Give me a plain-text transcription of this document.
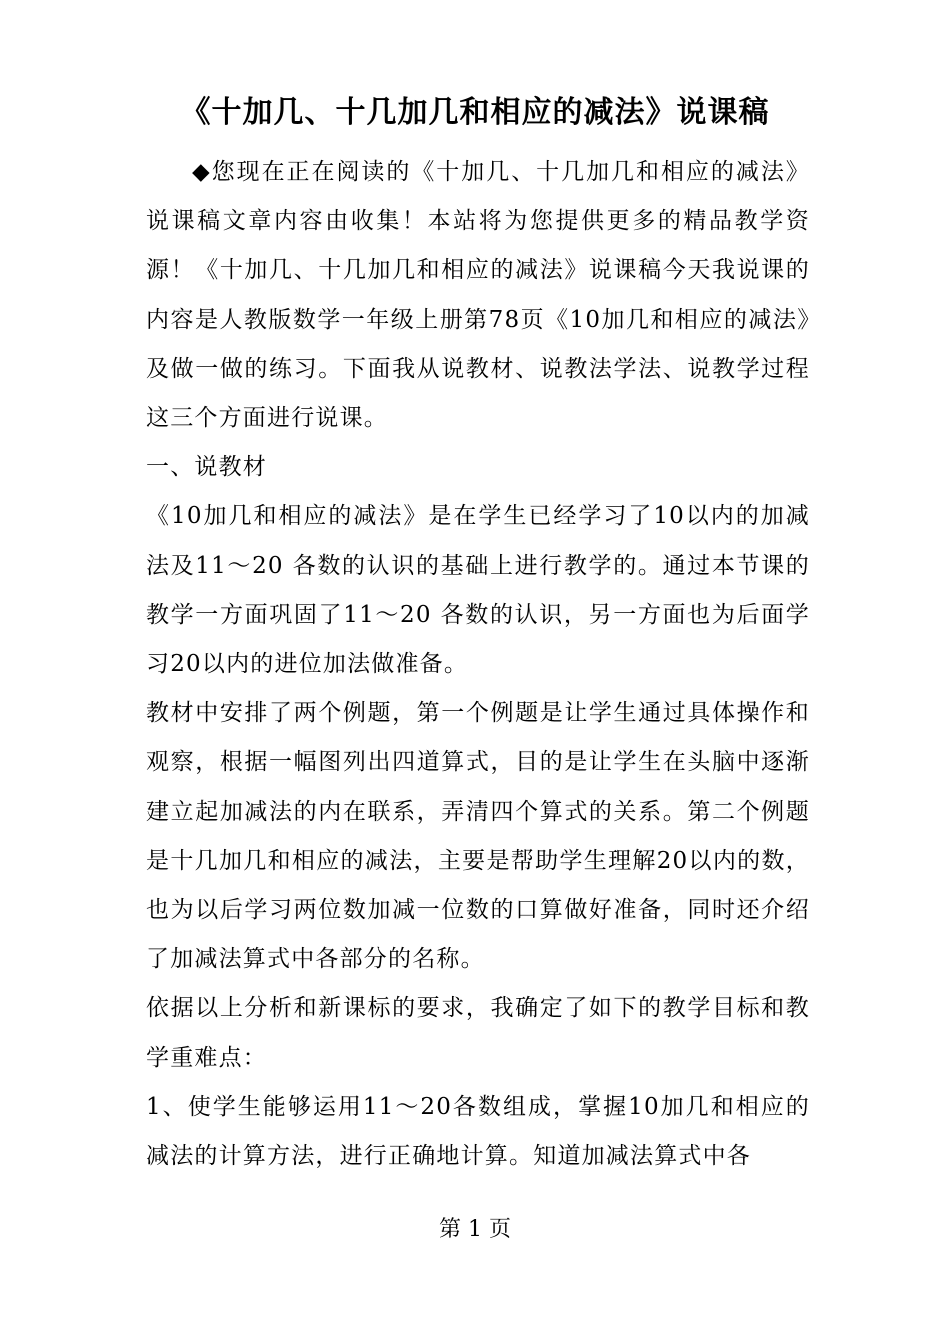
《十加几、十几加几和相应的减法》说课稿

◆您现在正在阅读的《十加几、十几加几和相应的减法》说课稿文章内容由收集！本站将为您提供更多的精品教学资源！《十加几、十几加几和相应的减法》说课稿今天我说课的内容是人教版数学一年级上册第78页《10加几和相应的减法》及做一做的练习。下面我从说教材、说教法学法、说教学过程这三个方面进行说课。

一、说教材

《10加几和相应的减法》是在学生已经学习了10以内的加减法及11～20 各数的认识的基础上进行教学的。通过本节课的教学一方面巩固了11～20 各数的认识，另一方面也为后面学习20以内的进位加法做准备。

教材中安排了两个例题，第一个例题是让学生通过具体操作和观察，根据一幅图列出四道算式，目的是让学生在头脑中逐渐建立起加减法的内在联系，弄清四个算式的关系。第二个例题是十几加几和相应的减法，主要是帮助学生理解20以内的数，也为以后学习两位数加减一位数的口算做好准备，同时还介绍了加减法算式中各部分的名称。

依据以上分析和新课标的要求，我确定了如下的教学目标和教学重难点：

1、使学生能够运用11～20各数组成，掌握10加几和相应的减法的计算方法，进行正确地计算。知道加减法算式中各

第 1 页
